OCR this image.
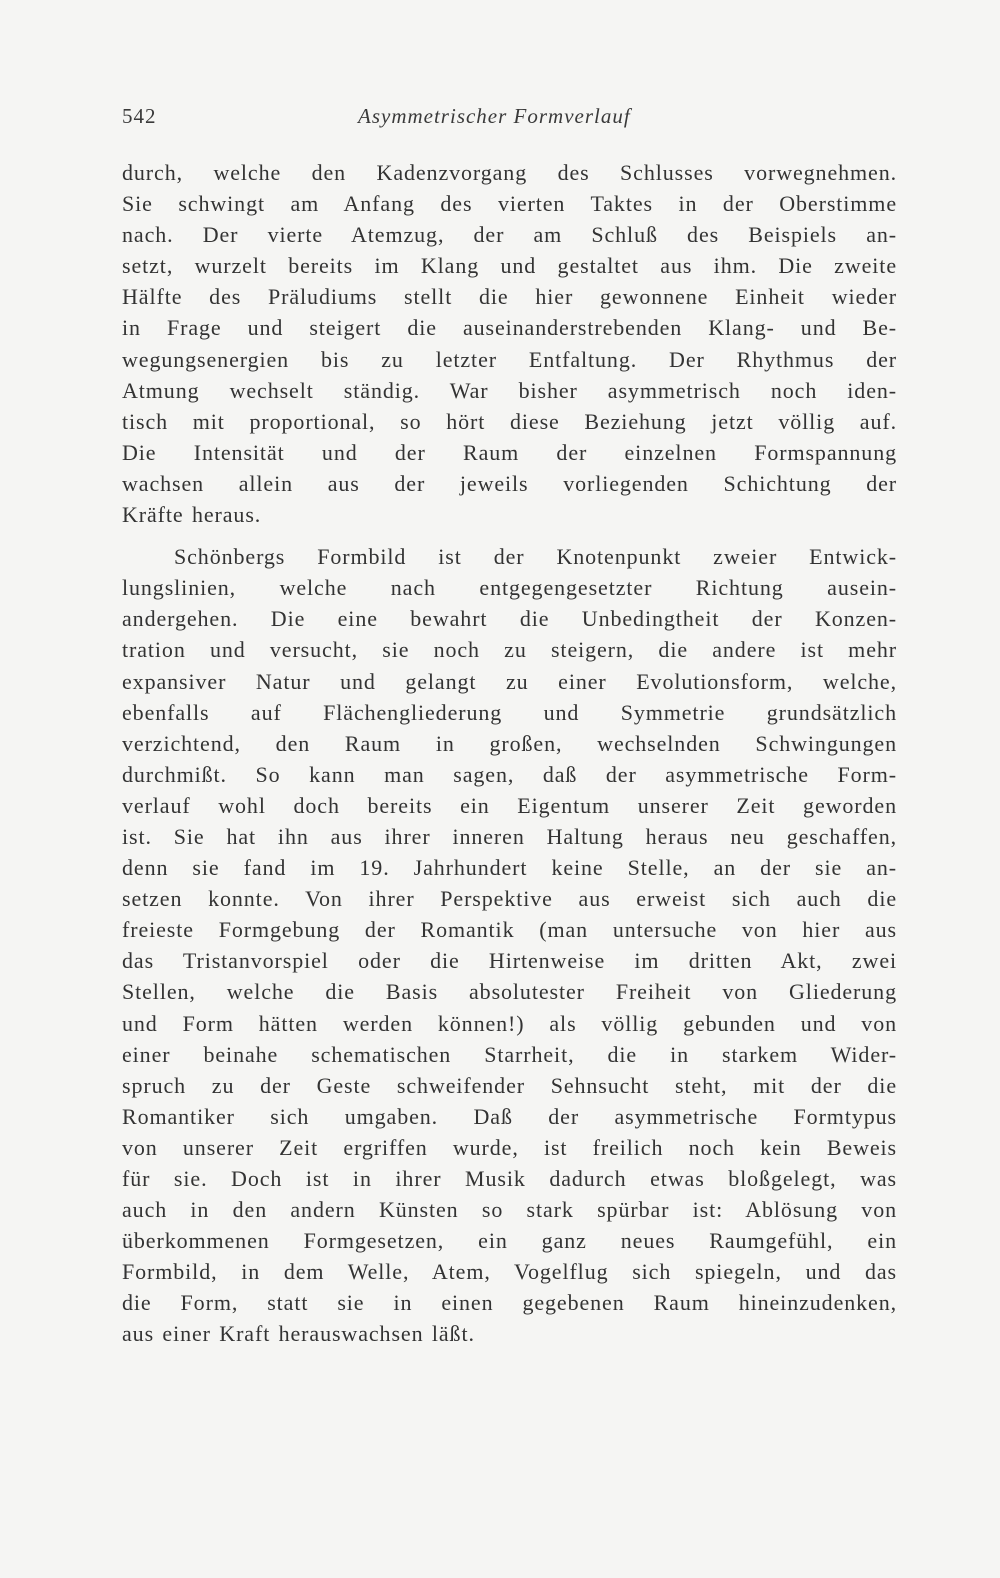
542	Asymmetrischer Formverlauf
durch, welche den Kadenzvorgang des Schlusses vorwegnehmen.
Sie schwingt am Anfang des vierten Taktes in der Oberstimme
nach. Der vierte Atemzug, der am Schluß des Beispiels an-
setzt, wurzelt bereits im Klang und gestaltet aus ihm. Die zweite
Hälfte des Präludiums stellt die hier gewonnene Einheit wieder
in Frage und steigert die auseinanderstrebenden Klang- und Be-
wegungsenergien bis zu letzter Entfaltung. Der Rhythmus der
Atmung wechselt ständig. War bisher asymmetrisch noch iden-
tisch mit proportional, so hört diese Beziehung jetzt völlig auf.
Die Intensität und der Raum der einzelnen Formspannung
wachsen allein aus der jeweils vorliegenden Schichtung der
Kräfte heraus.
Schönbergs Formbild ist der Knotenpunkt zweier Entwick-
lungslinien, welche nach entgegengesetzter Richtung ausein-
andergehen. Die eine bewahrt die Unbedingtheit der Konzen-
tration und versucht, sie noch zu steigern, die andere ist mehr
expansiver Natur und gelangt zu einer Evolutionsform, welche,
ebenfalls auf Flächengliederung und Symmetrie grundsätzlich
verzichtend, den Raum in großen, wechselnden Schwingungen
durchmißt. So kann man sagen, daß der asymmetrische Form-
verlauf wohl doch bereits ein Eigentum unserer Zeit geworden
ist. Sie hat ihn aus ihrer inneren Haltung heraus neu geschaffen,
denn sie fand im 19. Jahrhundert keine Stelle, an der sie an-
setzen konnte. Von ihrer Perspektive aus erweist sich auch die
freieste Formgebung der Romantik (man untersuche von hier aus
das Tristanvorspiel oder die Hirtenweise im dritten Akt, zwei
Stellen, welche die Basis absolutester Freiheit von Gliederung
und Form hätten werden können!) als völlig gebunden und von
einer beinahe schematischen Starrheit, die in starkem Wider-
spruch zu der Geste schweifender Sehnsucht steht, mit der die
Romantiker sich umgaben. Daß der asymmetrische Formtypus
von unserer Zeit ergriffen wurde, ist freilich noch kein Beweis
für sie. Doch ist in ihrer Musik dadurch etwas bloßgelegt, was
auch in den andern Künsten so stark spürbar ist: Ablösung von
überkommenen Formgesetzen, ein ganz neues Raumgefühl, ein
Formbild, in dem Welle, Atem, Vogelflug sich spiegeln, und das
die Form, statt sie in einen gegebenen Raum hineinzudenken,
aus einer Kraft herauswachsen läßt.
